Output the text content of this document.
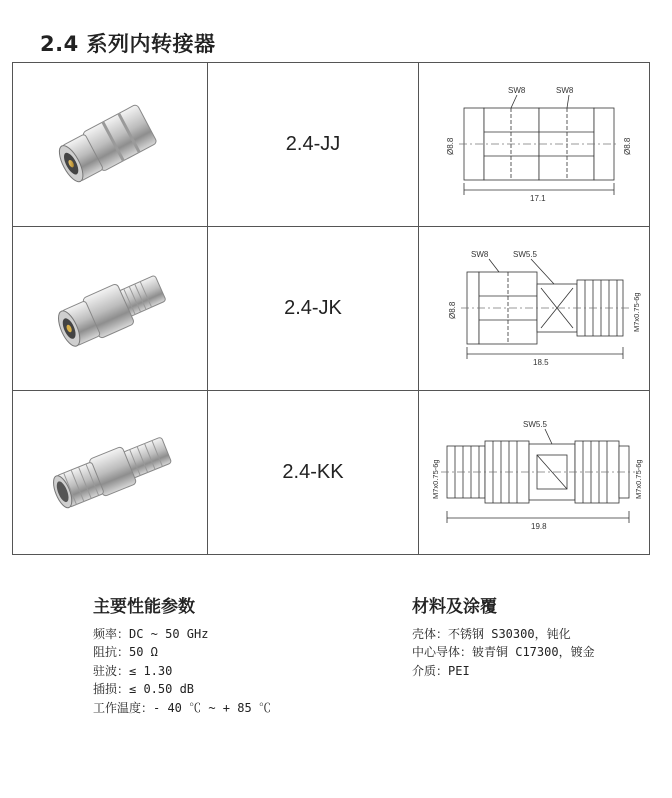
2.4 系列内转接器
	2.4-JJ	SW8 SW8
17.1
Ø8.8 Ø8.8

	2.4-JK	SW8 SW5.5
18.5
Ø8.8 M7x0.75-6g

	2.4-KK	SW5.5
19.8
M7x0.75-6g M7x0.75-6g
主要性能参数
频率：DC ~ 50 GHz
阻抗：50 Ω
驻波：≤ 1.30
插损：≤ 0.50 dB
工作温度：- 40 ℃ ~ + 85 ℃
材料及涂覆
壳体：不锈钢 S30300，钝化
中心导体：铍青铜 C17300，镀金
介质：PEI
